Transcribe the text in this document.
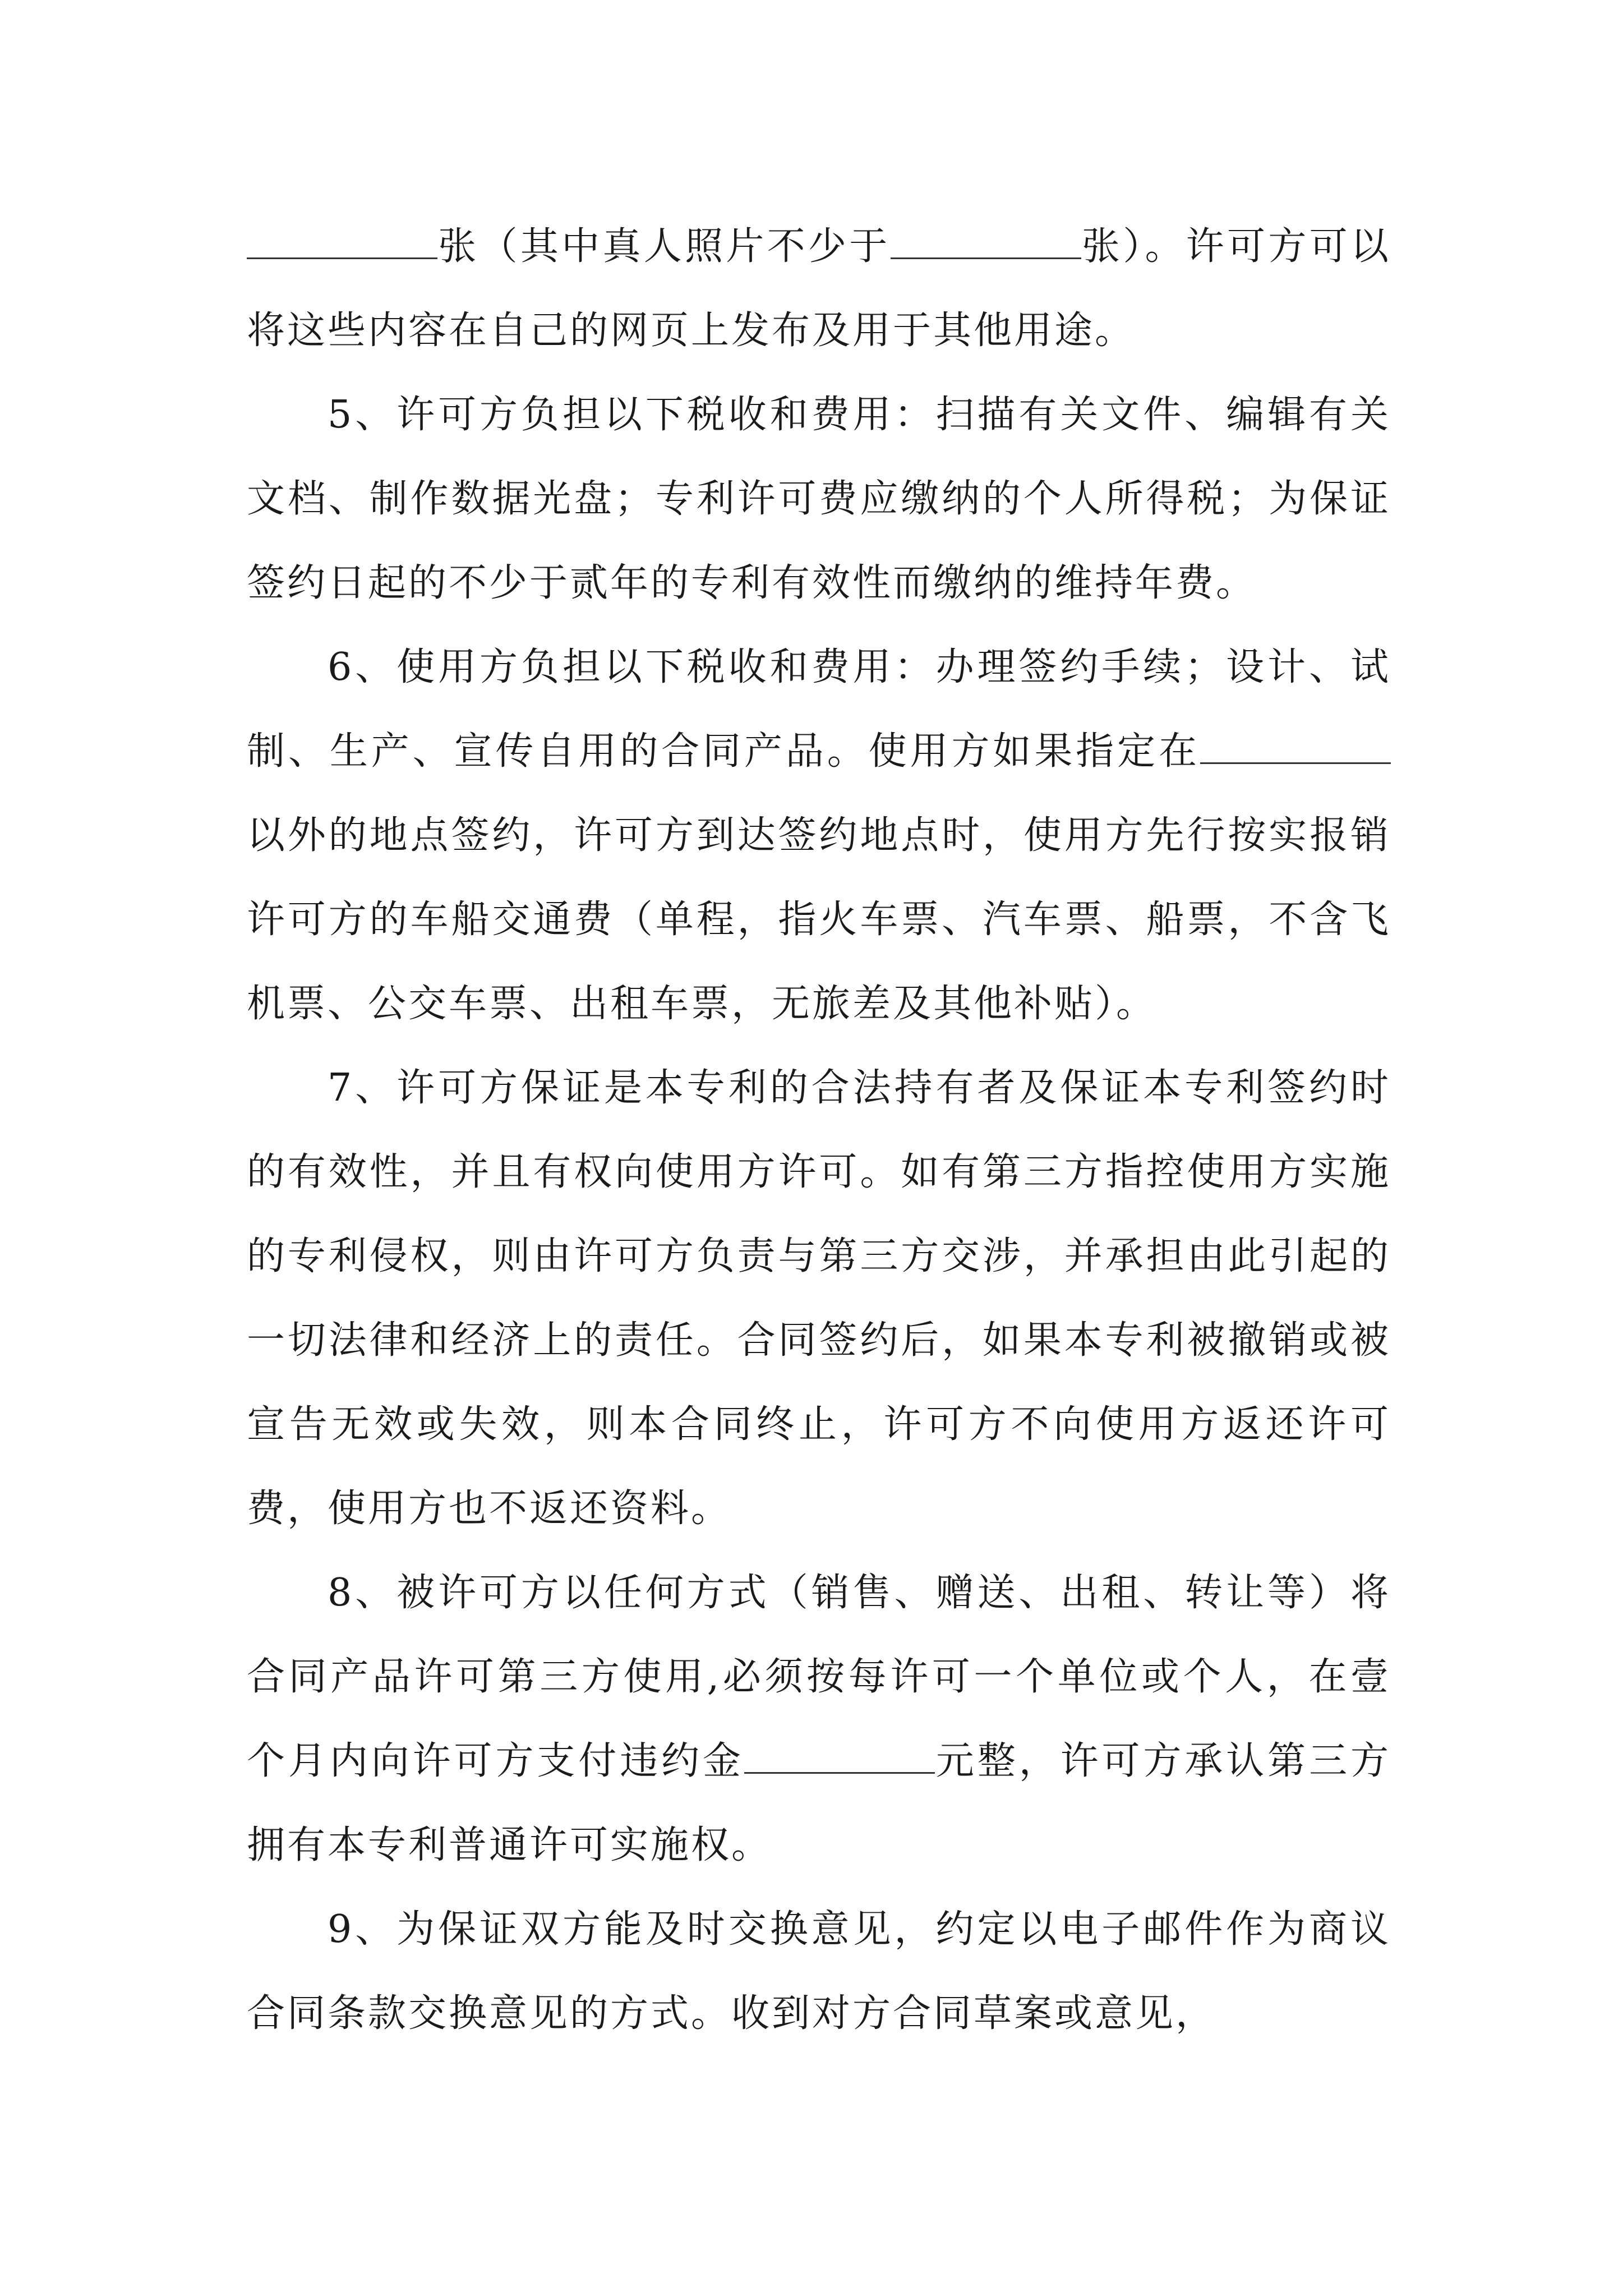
张（其中真人照片不少于	张）。许可方可以将这些内容在自己的网页上发布及用于其他用途。

5、许可方负担以下税收和费用：扫描有关文件、编辑有关文档、制作数据光盘；专利许可费应缴纳的个人所得税；为保证签约日起的不少于贰年的专利有效性而缴纳的维持年费。

6、使用方负担以下税收和费用：办理签约手续；设计、试制、生产、宣传自用的合同产品。使用方如果指定在以外的地点签约，许可方到达签约地点时，使用方先行按实报销许可方的车船交通费（单程，指火车票、汽车票、船票，不含飞机票、公交车票、出租车票，无旅差及其他补贴）。

7、许可方保证是本专利的合法持有者及保证本专利签约时的有效性，并且有权向使用方许可。如有第三方指控使用方实施的专利侵权，则由许可方负责与第三方交涉，并承担由此引起的一切法律和经济上的责任。合同签约后，如果本专利被撤销或被宣告无效或失效，则本合同终止，许可方不向使用方返还许可费，使用方也不返还资料。

8、被许可方以任何方式（销售、赠送、出租、转让等）将合同产品许可第三方使用,必须按每许可一个单位或个人，在壹个月内向许可方支付违约金	元整，许可方承认第三方拥有本专利普通许可实施权。

9、为保证双方能及时交换意见，约定以电子邮件作为商议合同条款交换意见的方式。收到对方合同草案或意见，
